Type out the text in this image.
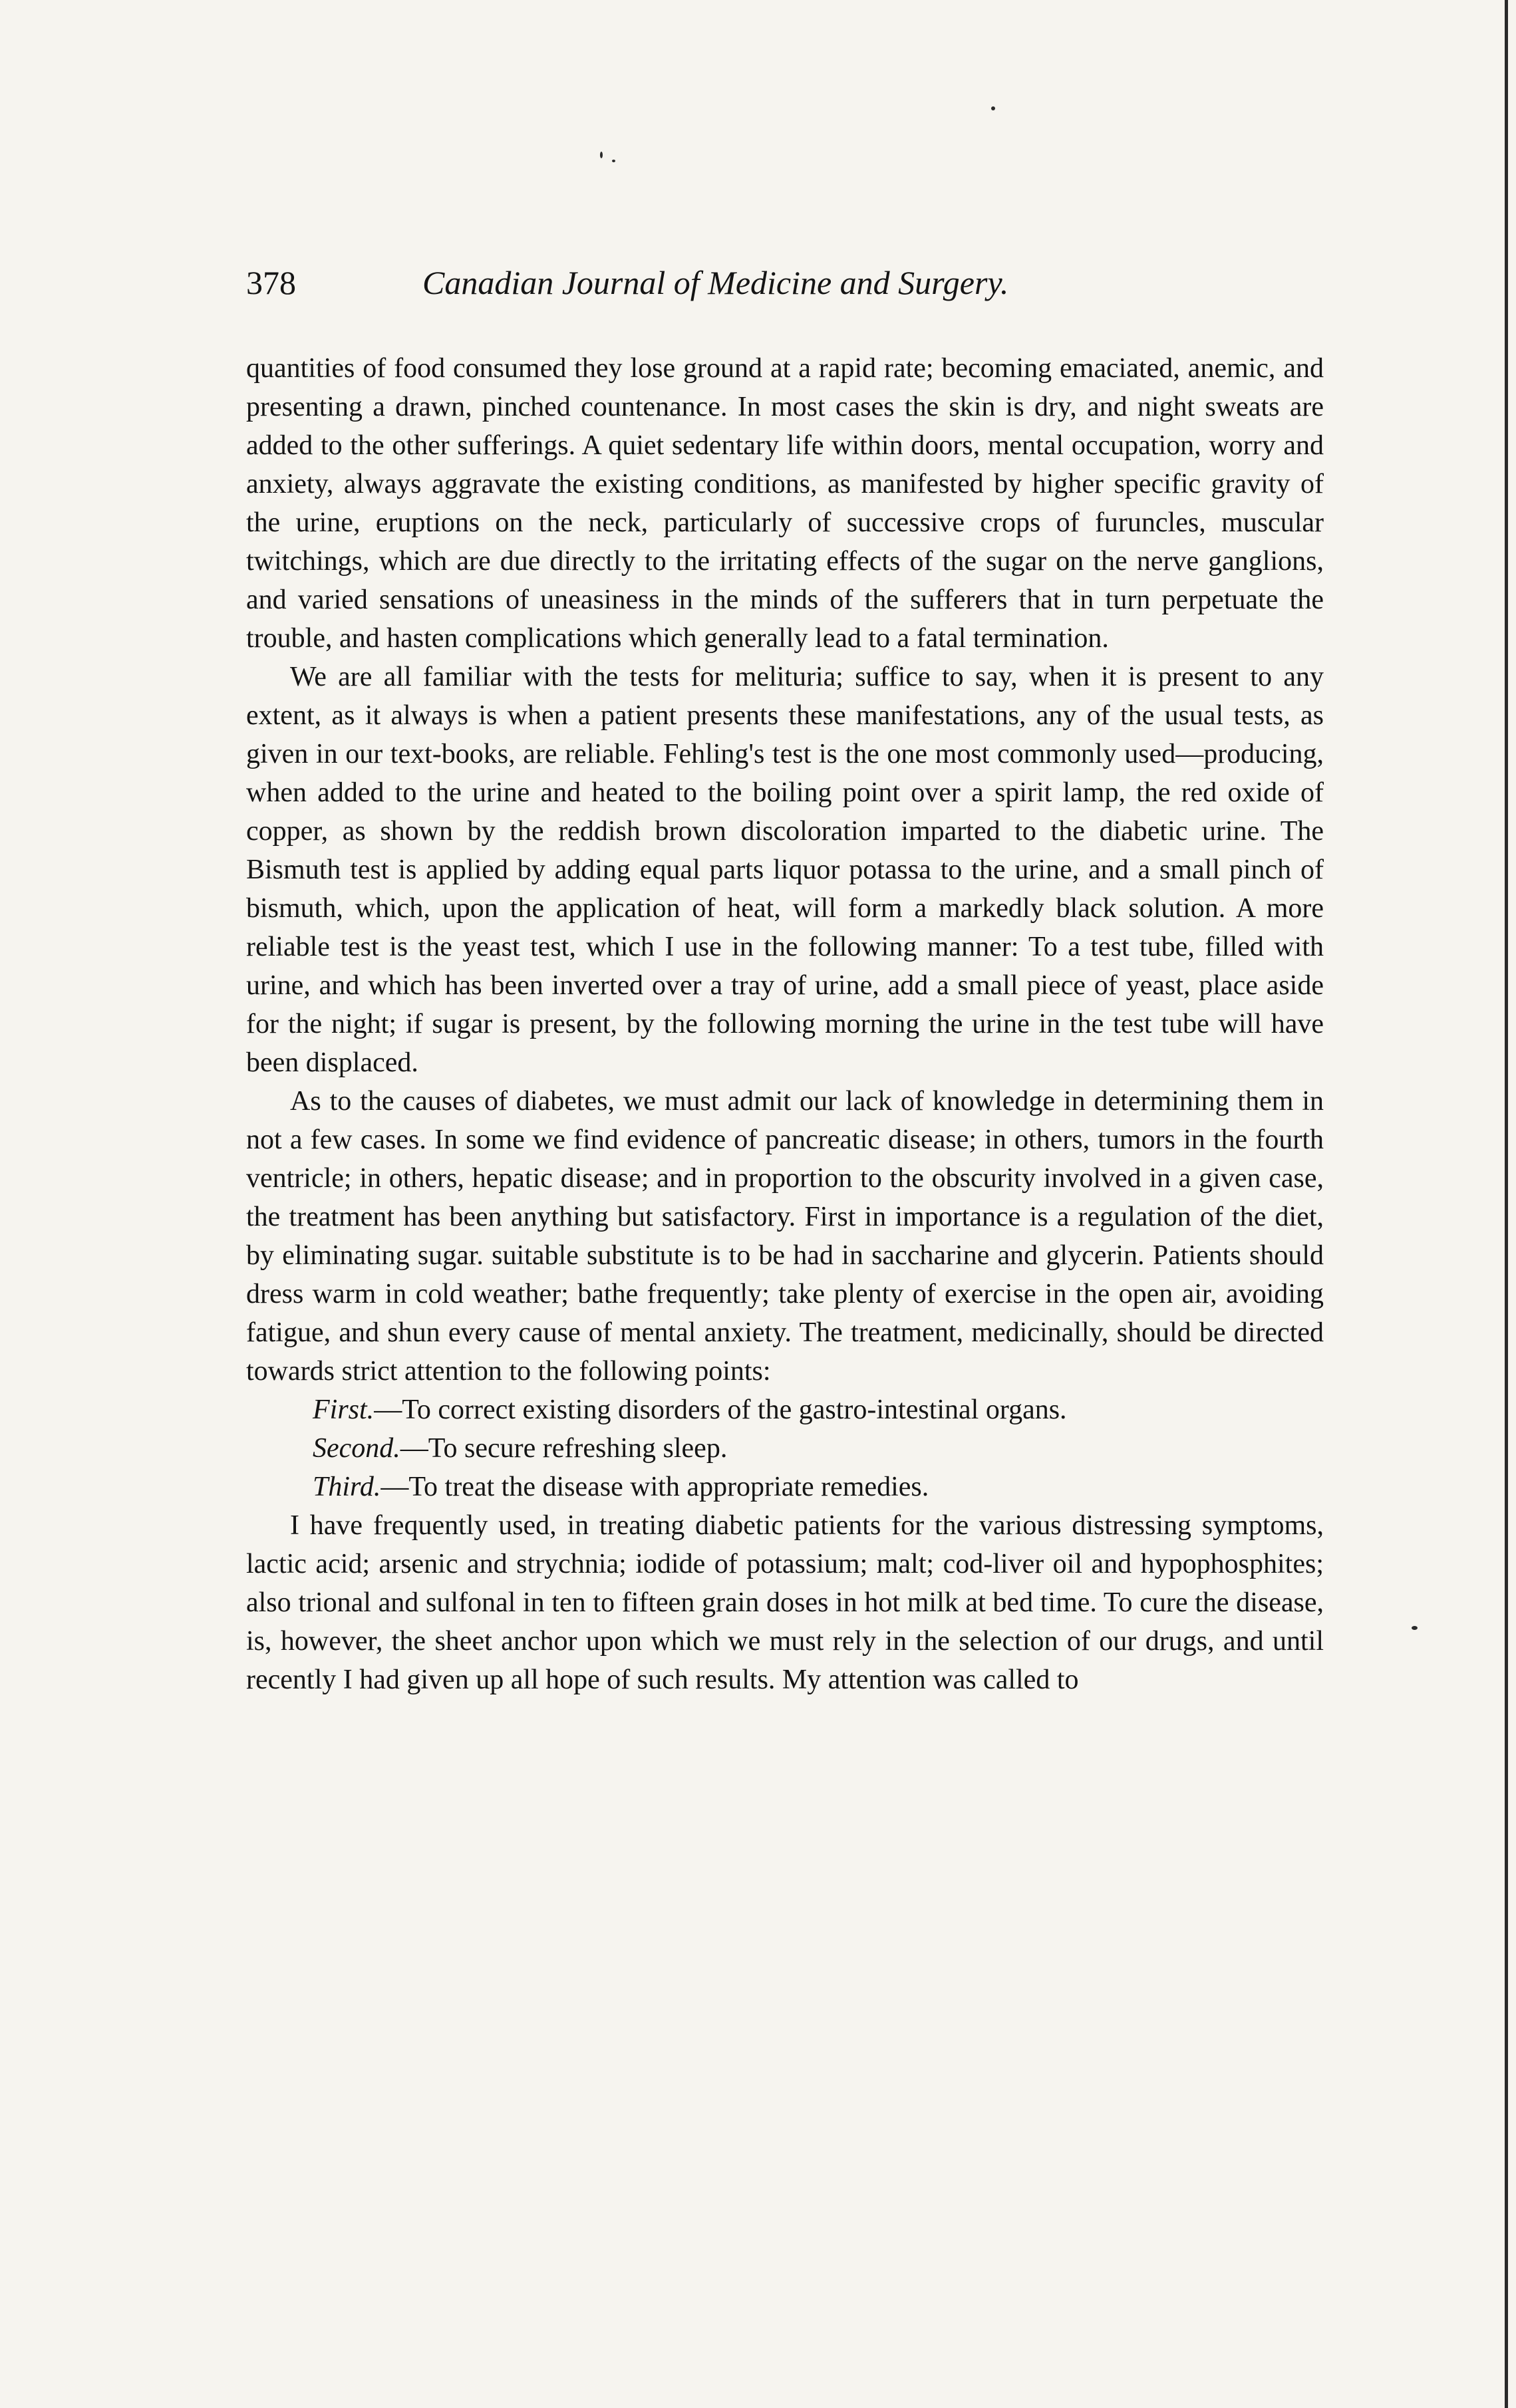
378	Canadian Journal of Medicine and Surgery.

quantities of food consumed they lose ground at a rapid rate; becoming emaciated, anemic, and presenting a drawn, pinched countenance. In most cases the skin is dry, and night sweats are added to the other sufferings. A quiet sedentary life within doors, mental occupation, worry and anxiety, always aggravate the existing conditions, as manifested by higher specific gravity of the urine, eruptions on the neck, particularly of successive crops of furuncles, muscular twitchings, which are due directly to the irritating effects of the sugar on the nerve ganglions, and varied sensations of uneasiness in the minds of the sufferers that in turn perpetuate the trouble, and hasten complications which generally lead to a fatal termination.

We are all familiar with the tests for melituria; suffice to say, when it is present to any extent, as it always is when a patient presents these manifestations, any of the usual tests, as given in our text-books, are reliable. Fehling's test is the one most commonly used—producing, when added to the urine and heated to the boiling point over a spirit lamp, the red oxide of copper, as shown by the reddish brown discoloration imparted to the diabetic urine. The Bismuth test is applied by adding equal parts liquor potassa to the urine, and a small pinch of bismuth, which, upon the application of heat, will form a markedly black solution. A more reliable test is the yeast test, which I use in the following manner: To a test tube, filled with urine, and which has been inverted over a tray of urine, add a small piece of yeast, place aside for the night; if sugar is present, by the following morning the urine in the test tube will have been displaced.

As to the causes of diabetes, we must admit our lack of knowledge in determining them in not a few cases. In some we find evidence of pancreatic disease; in others, tumors in the fourth ventricle; in others, hepatic disease; and in proportion to the obscurity involved in a given case, the treatment has been anything but satisfactory. First in importance is a regulation of the diet, by eliminating sugar. suitable substitute is to be had in saccharine and glycerin. Patients should dress warm in cold weather; bathe frequently; take plenty of exercise in the open air, avoiding fatigue, and shun every cause of mental anxiety. The treatment, medicinally, should be directed towards strict attention to the following points:

First.—To correct existing disorders of the gastro-intestinal organs.

Second.—To secure refreshing sleep.

Third.—To treat the disease with appropriate remedies.

I have frequently used, in treating diabetic patients for the various distressing symptoms, lactic acid; arsenic and strychnia; iodide of potassium; malt; cod-liver oil and hypophosphites; also trional and sulfonal in ten to fifteen grain doses in hot milk at bed time. To cure the disease, is, however, the sheet anchor upon which we must rely in the selection of our drugs, and until recently I had given up all hope of such results. My attention was called to
